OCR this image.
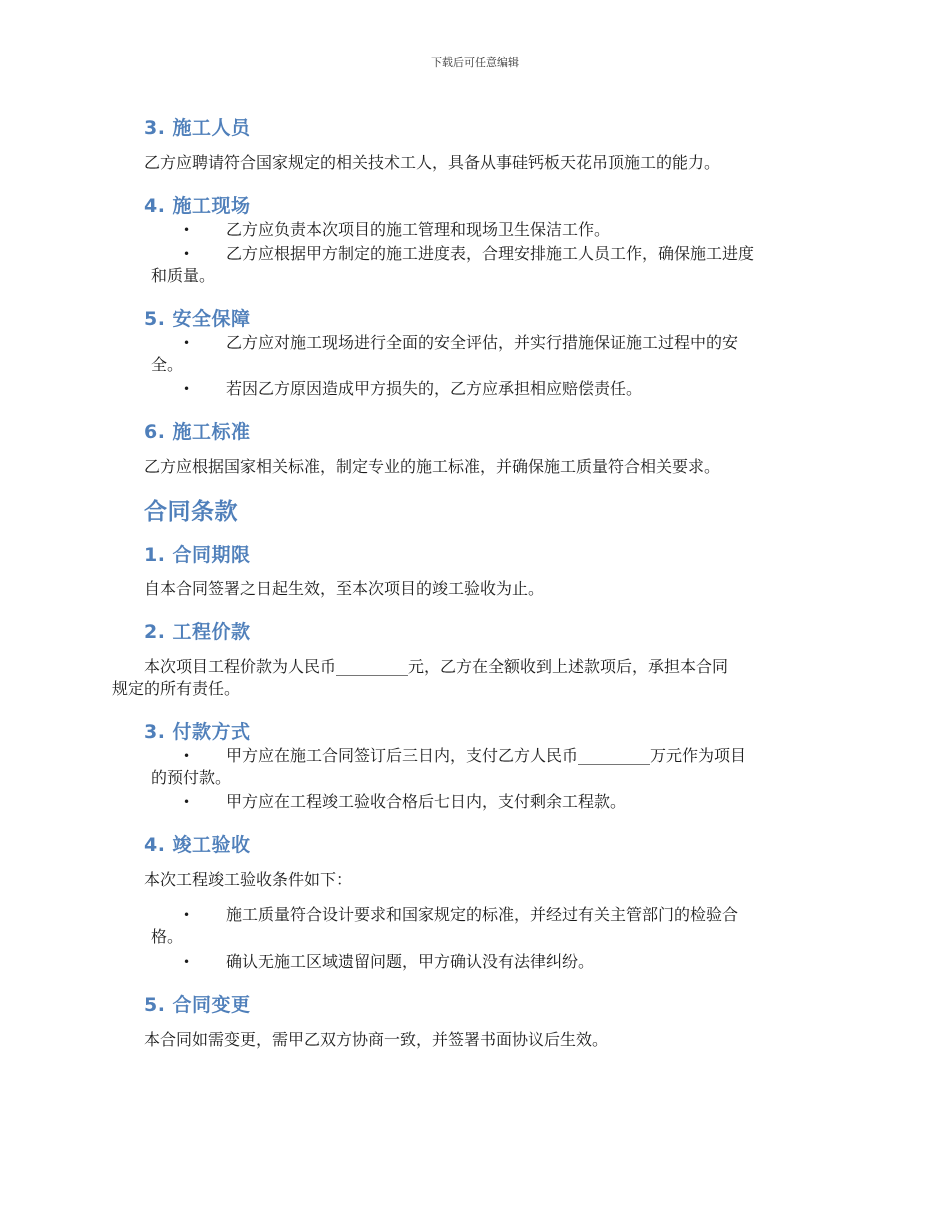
下载后可任意编辑
3. 施工人员
乙方应聘请符合国家规定的相关技术工人，具备从事硅钙板天花吊顶施工的能力。
4. 施工现场
• 乙方应负责本次项目的施工管理和现场卫生保洁工作。
• 乙方应根据甲方制定的施工进度表，合理安排施工人员工作，确保施工进度
和质量。
5. 安全保障
• 乙方应对施工现场进行全面的安全评估，并实行措施保证施工过程中的安
全。
• 若因乙方原因造成甲方损失的，乙方应承担相应赔偿责任。
6. 施工标准
乙方应根据国家相关标准，制定专业的施工标准，并确保施工质量符合相关要求。
合同条款
1. 合同期限
自本合同签署之日起生效，至本次项目的竣工验收为止。
2. 工程价款
本次项目工程价款为人民币_________元，乙方在全额收到上述款项后，承担本合同
规定的所有责任。
3. 付款方式
• 甲方应在施工合同签订后三日内，支付乙方人民币_________万元作为项目
的预付款。
• 甲方应在工程竣工验收合格后七日内，支付剩余工程款。
4. 竣工验收
本次工程竣工验收条件如下：
• 施工质量符合设计要求和国家规定的标准，并经过有关主管部门的检验合
格。
• 确认无施工区域遗留问题，甲方确认没有法律纠纷。
5. 合同变更
本合同如需变更，需甲乙双方协商一致，并签署书面协议后生效。
